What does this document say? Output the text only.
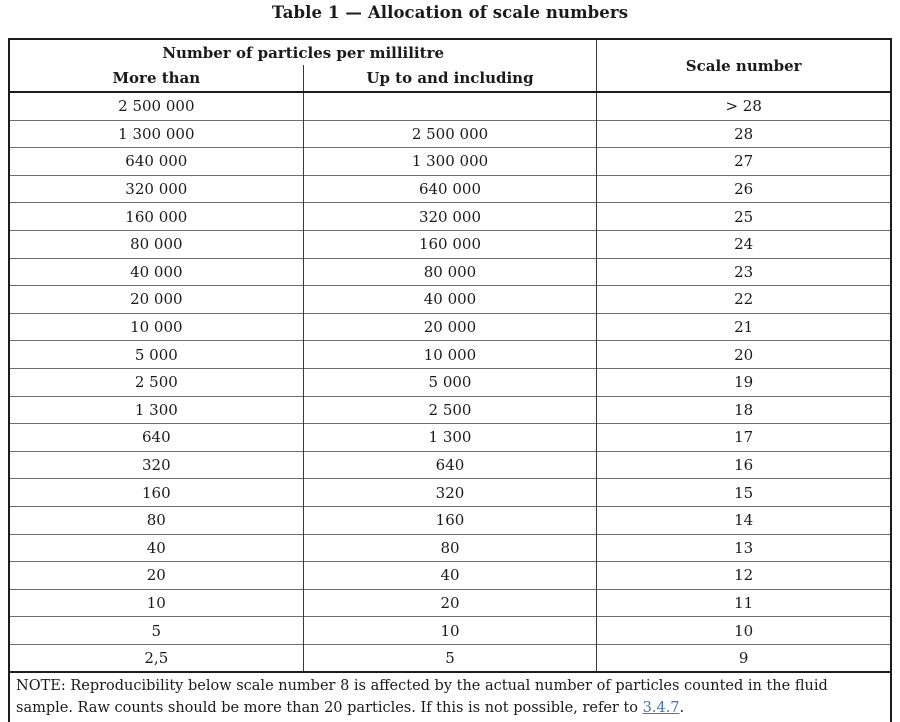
Table 1 — Allocation of scale numbers
Number of particles per millilitre		Scale number
More than	Up to and including	
2 500 000		> 28
1 300 000	2 500 000	28
640 000	1 300 000	27
320 000	640 000	26
160 000	320 000	25
80 000	160 000	24
40 000	80 000	23
20 000	40 000	22
10 000	20 000	21
5 000	10 000	20
2 500	5 000	19
1 300	2 500	18
640	1 300	17
320	640	16
160	320	15
80	160	14
40	80	13
20	40	12
10	20	11
5	10	10
2,5	5	9
NOTE: Reproducibility below scale number 8 is affected by the actual number of particles counted in the fluid sample. Raw counts should be more than 20 particles. If this is not possible, refer to 3.4.7.		
